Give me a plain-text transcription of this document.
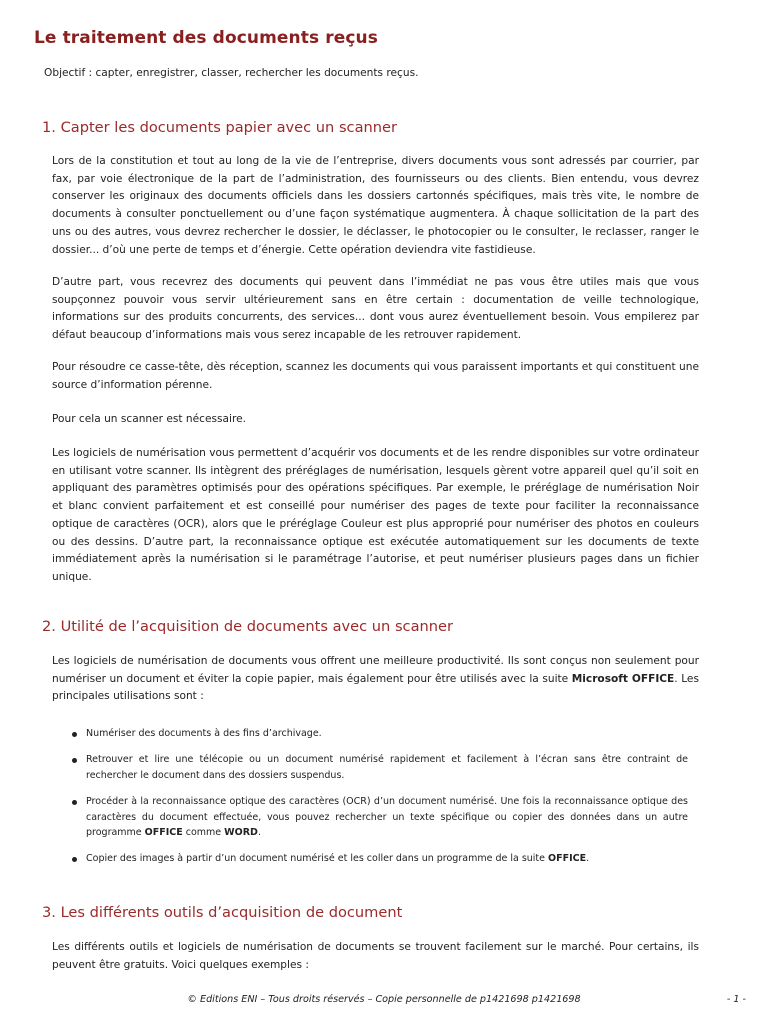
Le traitement des documents reçus

Objectif : capter, enregistrer, classer, rechercher les documents reçus.

1. Capter les documents papier avec un scanner

Lors de la constitution et tout au long de la vie de l’entreprise, divers documents vous sont adressés par courrier, par fax, par voie électronique de la part de l’administration, des fournisseurs ou des clients. Bien entendu, vous devrez conserver les originaux des documents officiels dans les dossiers cartonnés spécifiques, mais très vite, le nombre de documents à consulter ponctuellement ou d’une façon systématique augmentera. À chaque sollicitation de la part des uns ou des autres, vous devrez rechercher le dossier, le déclasser, le photocopier ou le consulter, le reclasser, ranger le dossier... d’où une perte de temps et d’énergie. Cette opération deviendra vite fastidieuse.

D’autre part, vous recevrez des documents qui peuvent dans l’immédiat ne pas vous être utiles mais que vous soupçonnez pouvoir vous servir ultérieurement sans en être certain : documentation de veille technologique, informations sur des produits concurrents, des services... dont vous aurez éventuellement besoin. Vous empilerez par défaut beaucoup d’informations mais vous serez incapable de les retrouver rapidement.

Pour résoudre ce casse-tête, dès réception, scannez les documents qui vous paraissent importants et qui constituent une source d’information pérenne.

Pour cela un scanner est nécessaire.

Les logiciels de numérisation vous permettent d’acquérir vos documents et de les rendre disponibles sur votre ordinateur en utilisant votre scanner. Ils intègrent des préréglages de numérisation, lesquels gèrent votre appareil quel qu’il soit en appliquant des paramètres optimisés pour des opérations spécifiques. Par exemple, le préréglage de numérisation Noir et blanc convient parfaitement et est conseillé pour numériser des pages de texte pour faciliter la reconnaissance optique de caractères (OCR), alors que le préréglage Couleur est plus approprié pour numériser des photos en couleurs ou des dessins. D’autre part, la reconnaissance optique est exécutée automatiquement sur les documents de texte immédiatement après la numérisation si le paramétrage l’autorise, et peut numériser plusieurs pages dans un fichier unique.

2. Utilité de l’acquisition de documents avec un scanner

Les logiciels de numérisation de documents vous offrent une meilleure productivité. Ils sont conçus non seulement pour numériser un document et éviter la copie papier, mais également pour être utilisés avec la suite Microsoft OFFICE. Les principales utilisations sont :

Numériser des documents à des fins d’archivage.
Retrouver et lire une télécopie ou un document numérisé rapidement et facilement à l’écran sans être contraint de rechercher le document dans des dossiers suspendus.
Procéder à la reconnaissance optique des caractères (OCR) d’un document numérisé. Une fois la reconnaissance optique des caractères du document effectuée, vous pouvez rechercher un texte spécifique ou copier des données dans un autre programme OFFICE comme WORD.
Copier des images à partir d’un document numérisé et les coller dans un programme de la suite OFFICE.
3. Les différents outils d’acquisition de document

Les différents outils et logiciels de numérisation de documents se trouvent facilement sur le marché. Pour certains, ils peuvent être gratuits. Voici quelques exemples :

© Editions ENI – Tous droits réservés – Copie personnelle de p1421698 p1421698	- 1 -
